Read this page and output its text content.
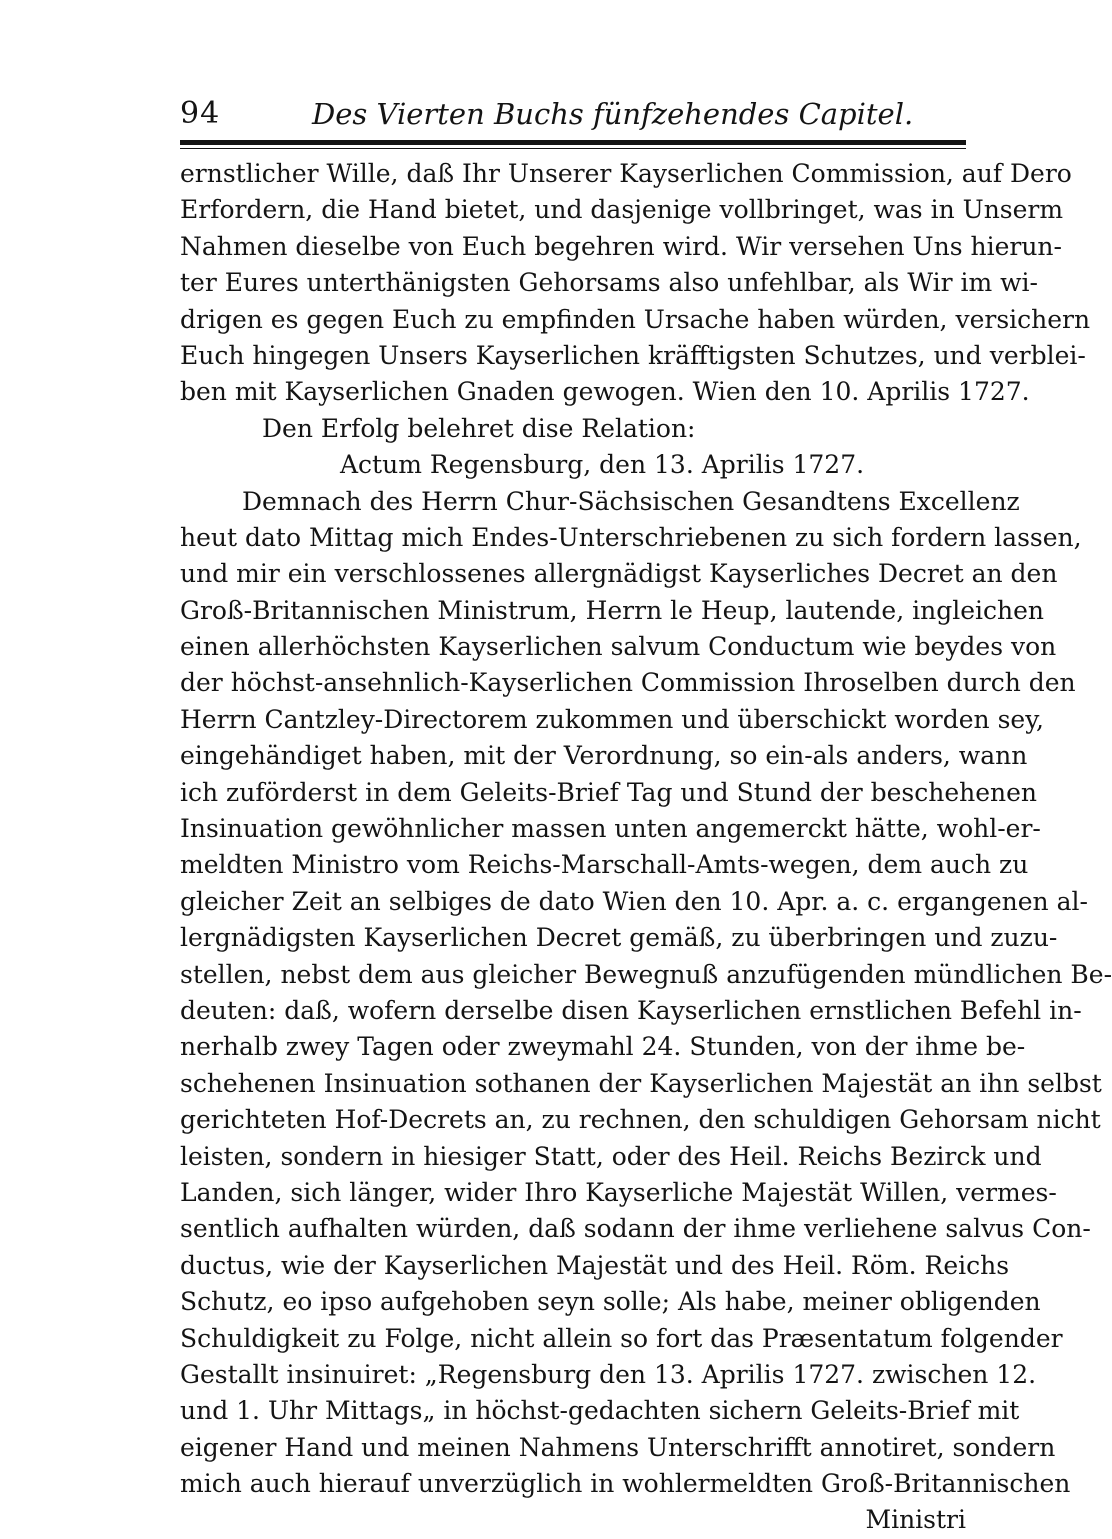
94	Des Vierten Buchs fünfzehendes Capitel.
ernstlicher Wille, daß Ihr Unserer Kayserlichen Commission, auf Dero
Erfordern, die Hand bietet, und dasjenige vollbringet, was in Unserm
Nahmen dieselbe von Euch begehren wird. Wir versehen Uns hierun-
ter Eures unterthänigsten Gehorsams also unfehlbar, als Wir im wi-
drigen es gegen Euch zu empfinden Ursache haben würden, versichern
Euch hingegen Unsers Kayserlichen kräfftigsten Schutzes, und verblei-
ben mit Kayserlichen Gnaden gewogen. Wien den 10. Aprilis 1727.
Den Erfolg belehret dise Relation:
Actum Regensburg, den 13. Aprilis 1727.
Demnach des Herrn Chur-Sächsischen Gesandtens Excellenz
heut dato Mittag mich Endes-Unterschriebenen zu sich fordern lassen,
und mir ein verschlossenes allergnädigst Kayserliches Decret an den
Groß-Britannischen Ministrum, Herrn le Heup, lautende, ingleichen
einen allerhöchsten Kayserlichen salvum Conductum wie beydes von
der höchst-ansehnlich-Kayserlichen Commission Ihroselben durch den
Herrn Cantzley-Directorem zukommen und überschickt worden sey,
eingehändiget haben, mit der Verordnung, so ein-als anders, wann
ich zuförderst in dem Geleits-Brief Tag und Stund der beschehenen
Insinuation gewöhnlicher massen unten angemerckt hätte, wohl-er-
meldten Ministro vom Reichs-Marschall-Amts-wegen, dem auch zu
gleicher Zeit an selbiges de dato Wien den 10. Apr. a. c. ergangenen al-
lergnädigsten Kayserlichen Decret gemäß, zu überbringen und zuzu-
stellen, nebst dem aus gleicher Bewegnuß anzufügenden mündlichen Be-
deuten: daß, wofern derselbe disen Kayserlichen ernstlichen Befehl in-
nerhalb zwey Tagen oder zweymahl 24. Stunden, von der ihme be-
schehenen Insinuation sothanen der Kayserlichen Majestät an ihn selbst
gerichteten Hof-Decrets an, zu rechnen, den schuldigen Gehorsam nicht
leisten, sondern in hiesiger Statt, oder des Heil. Reichs Bezirck und
Landen, sich länger, wider Ihro Kayserliche Majestät Willen, vermes-
sentlich aufhalten würden, daß sodann der ihme verliehene salvus Con-
ductus, wie der Kayserlichen Majestät und des Heil. Röm. Reichs
Schutz, eo ipso aufgehoben seyn solle; Als habe, meiner obligenden
Schuldigkeit zu Folge, nicht allein so fort das Præsentatum folgender
Gestallt insinuiret: „Regensburg den 13. Aprilis 1727. zwischen 12.
und 1. Uhr Mittags„ in höchst-gedachten sichern Geleits-Brief mit
eigener Hand und meinen Nahmens Unterschrifft annotiret, sondern
mich auch hierauf unverzüglich in wohlermeldten Groß-Britannischen
Ministri
